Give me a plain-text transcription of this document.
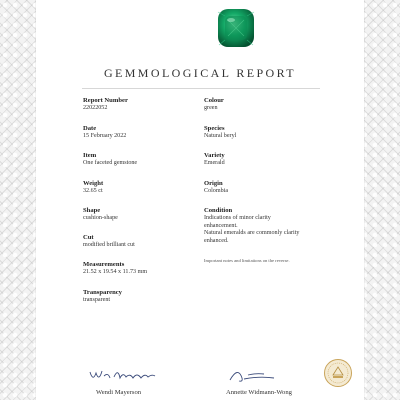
GEMMOLOGICAL REPORT
Report Number
22022052
Date
15 February 2022
Item
One faceted gemstone
Weight
32.65 ct
Shape
cushion-shape
Cut
modified brilliant cut
Measurements
21.52 x 19.54 x 11.73 mm
Transparency
transparent
Colour
green
Species
Natural beryl
Variety
Emerald
Origin
Colombia
Condition
Indications of minor clarity enhancement.
Natural emeralds are commonly clarity enhanced.
Important notes and limitations on the reverse.
Wendi Mayerson	Annette Widmann-Wong
